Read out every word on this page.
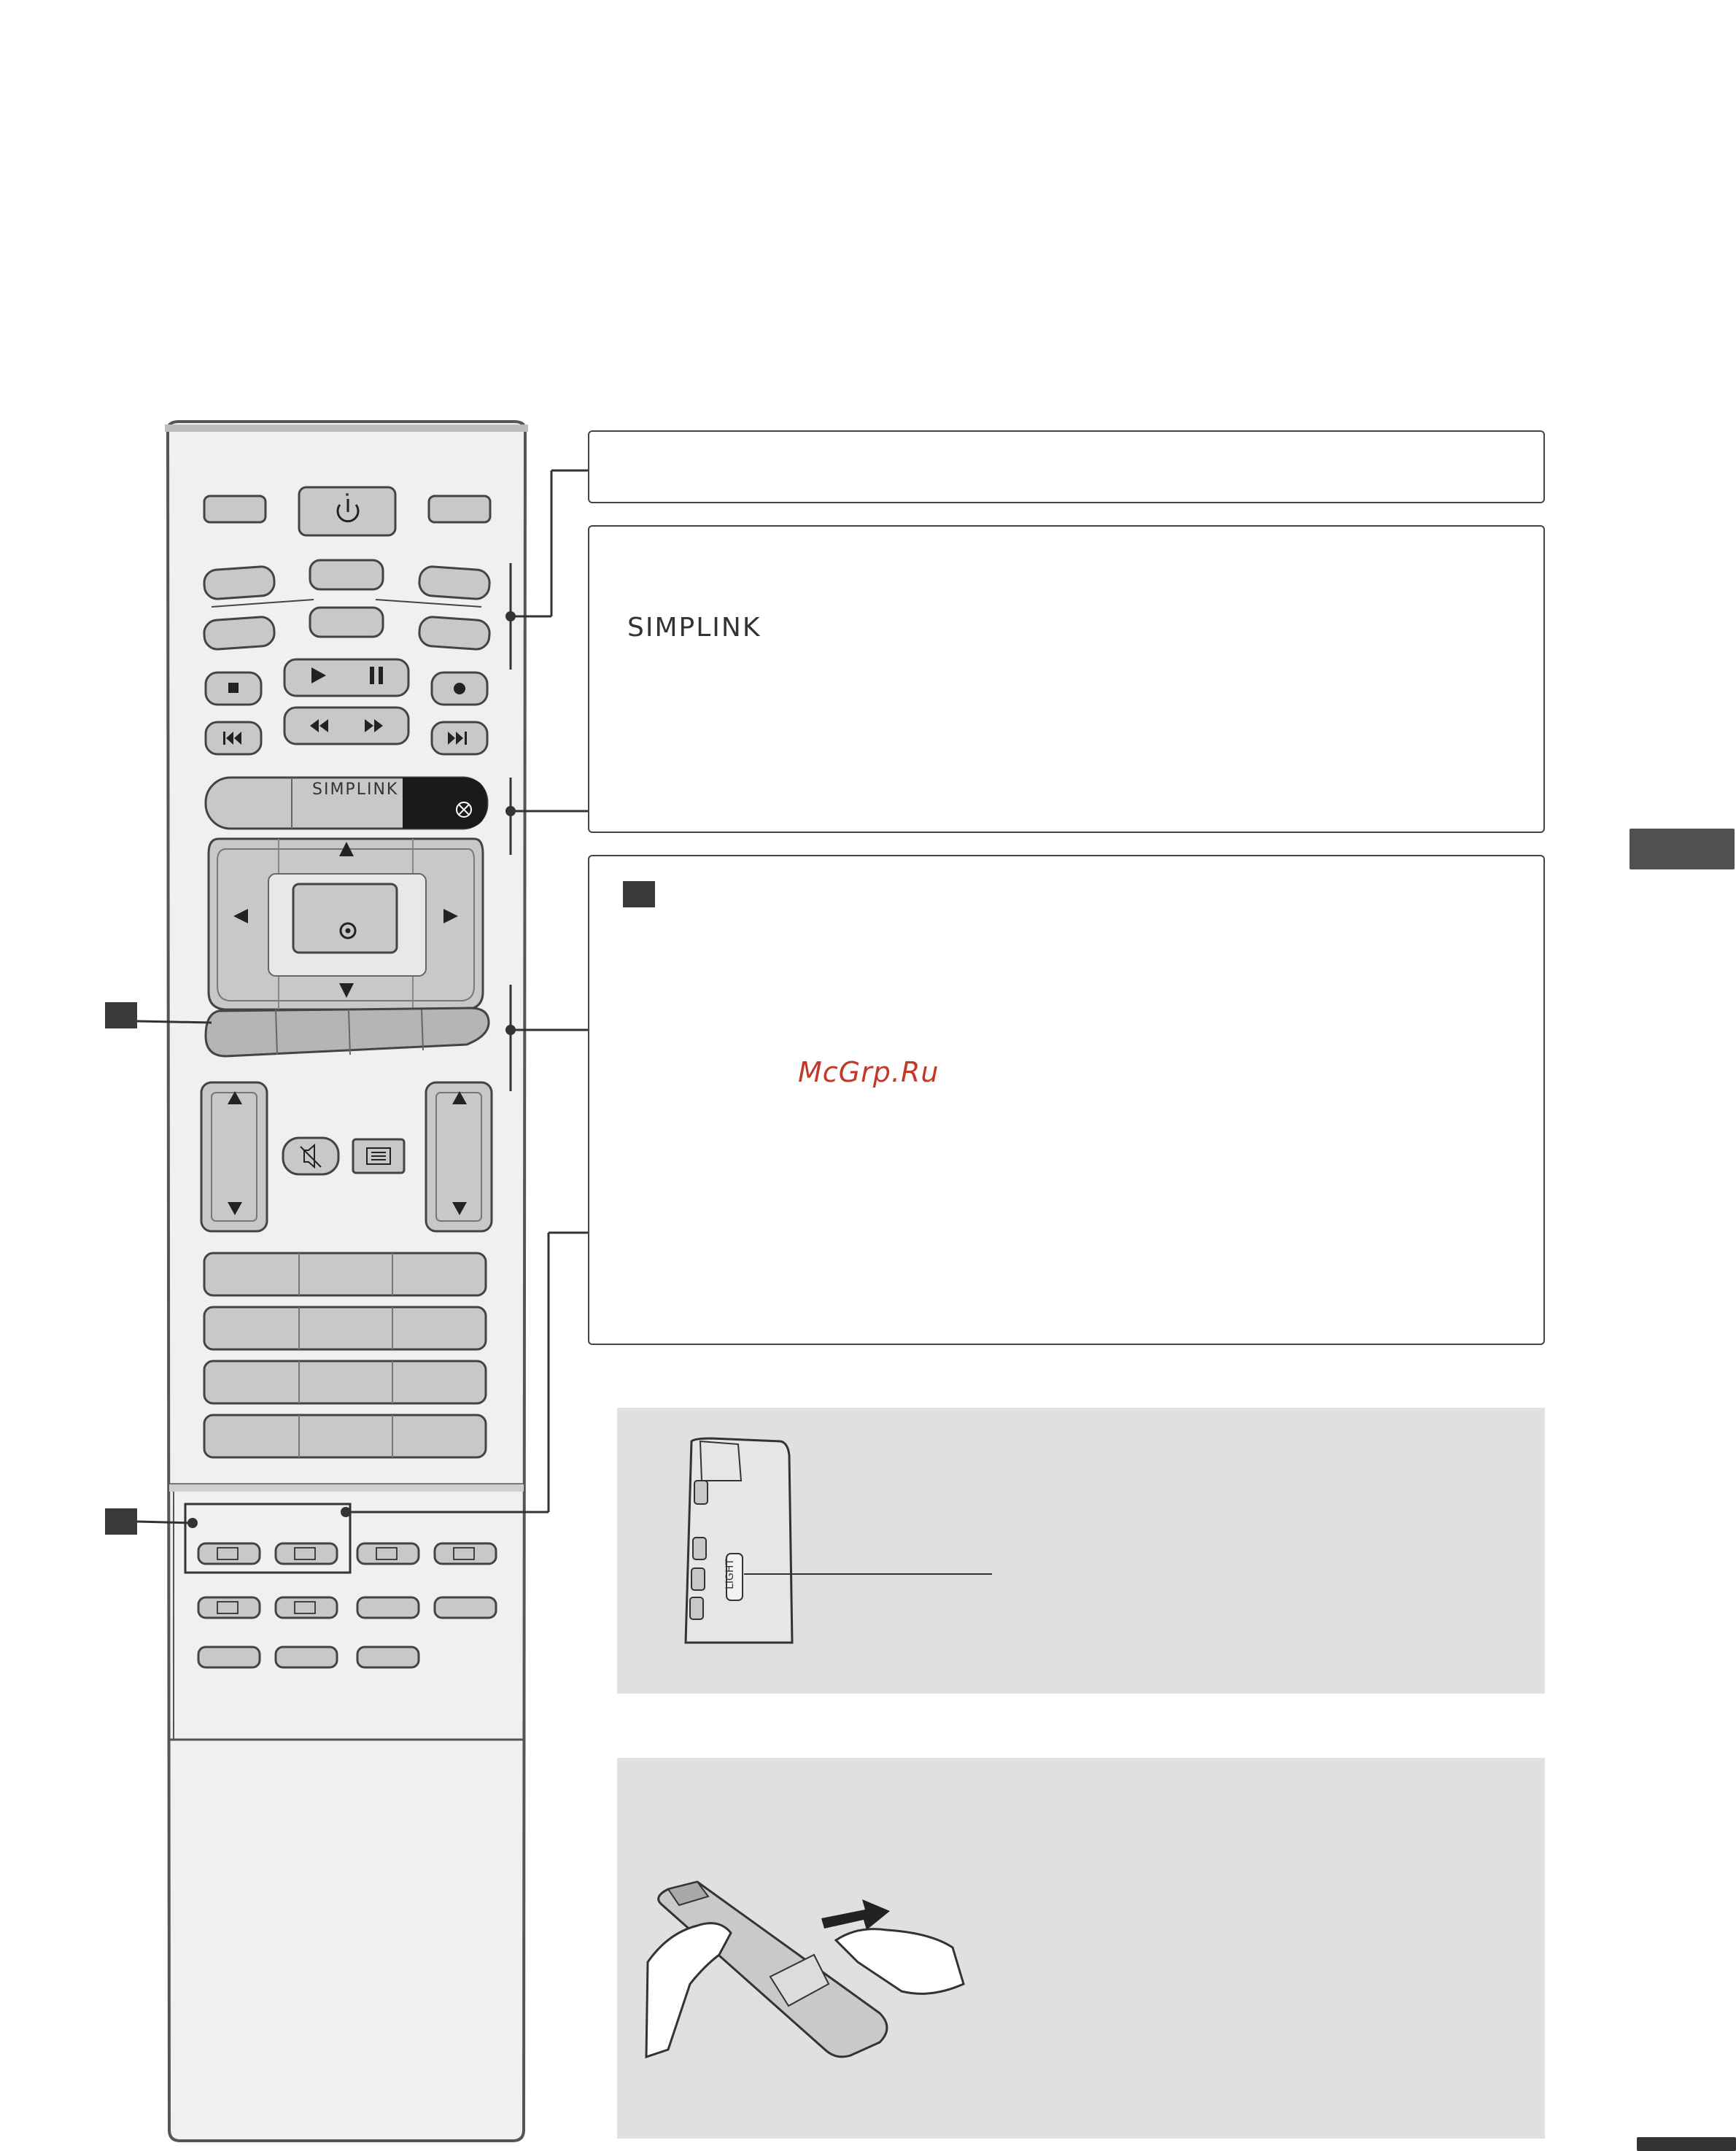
SIMPLINK
SIMPLINK
McGrp.Ru
LIGHT
